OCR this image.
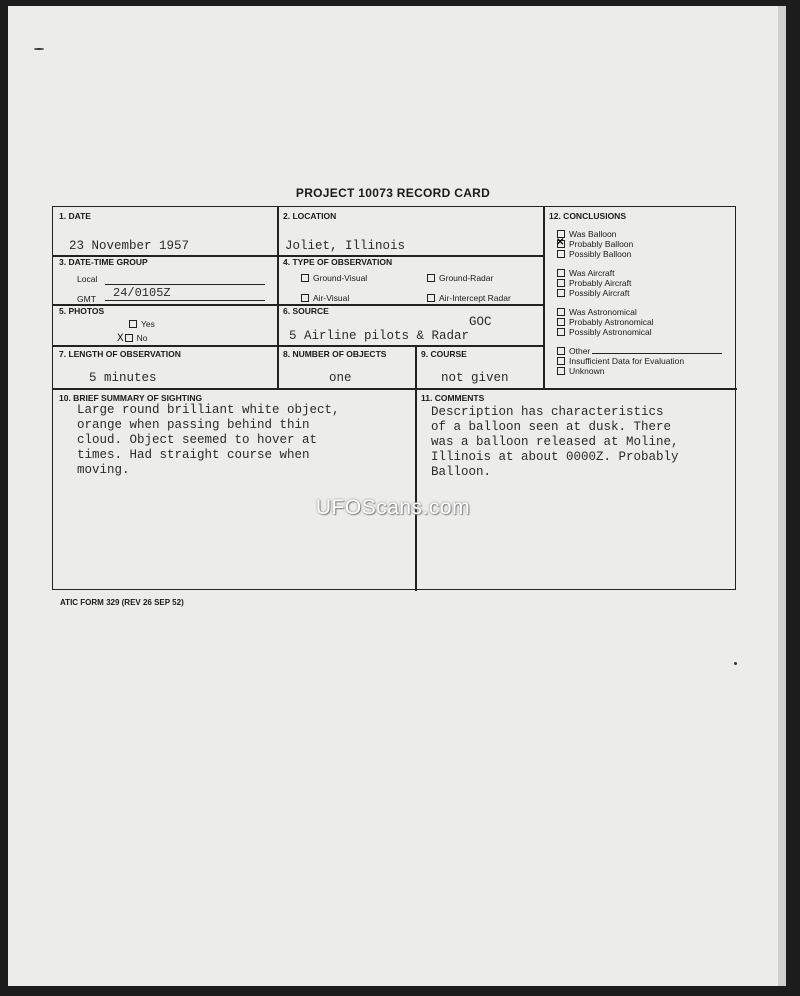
PROJECT 10073 RECORD CARD
1. DATE
23 November 1957
2. LOCATION
Joliet, Illinois
3. DATE-TIME GROUP
Local
GMT 24/0105Z
4. TYPE OF OBSERVATION
Ground-Visual	Ground-Radar
Air-Visual	Air-Intercept Radar
5. PHOTOS
Yes
X No
6. SOURCE
GOC
5 Airline pilots & Radar
7. LENGTH OF OBSERVATION
5 minutes
8. NUMBER OF OBJECTS
one
9. COURSE
not given
10. BRIEF SUMMARY OF SIGHTING
Large round brilliant white object,
orange when passing behind thin
cloud. Object seemed to hover at
times. Had straight course when
moving.
11. COMMENTS
Description has characteristics
of a balloon seen at dusk. There
was a balloon released at Moline,
Illinois at about 0000Z. Probably
Balloon.
12. CONCLUSIONS
Was Balloon
✕ Probably Balloon
Possibly Balloon
Was Aircraft
Probably Aircraft
Possibly Aircraft
Was Astronomical
Probably Astronomical
Possibly Astronomical
Other
Insufficient Data for Evaluation
Unknown
ATIC FORM 329 (REV 26 SEP 52)
UFOScans.com
